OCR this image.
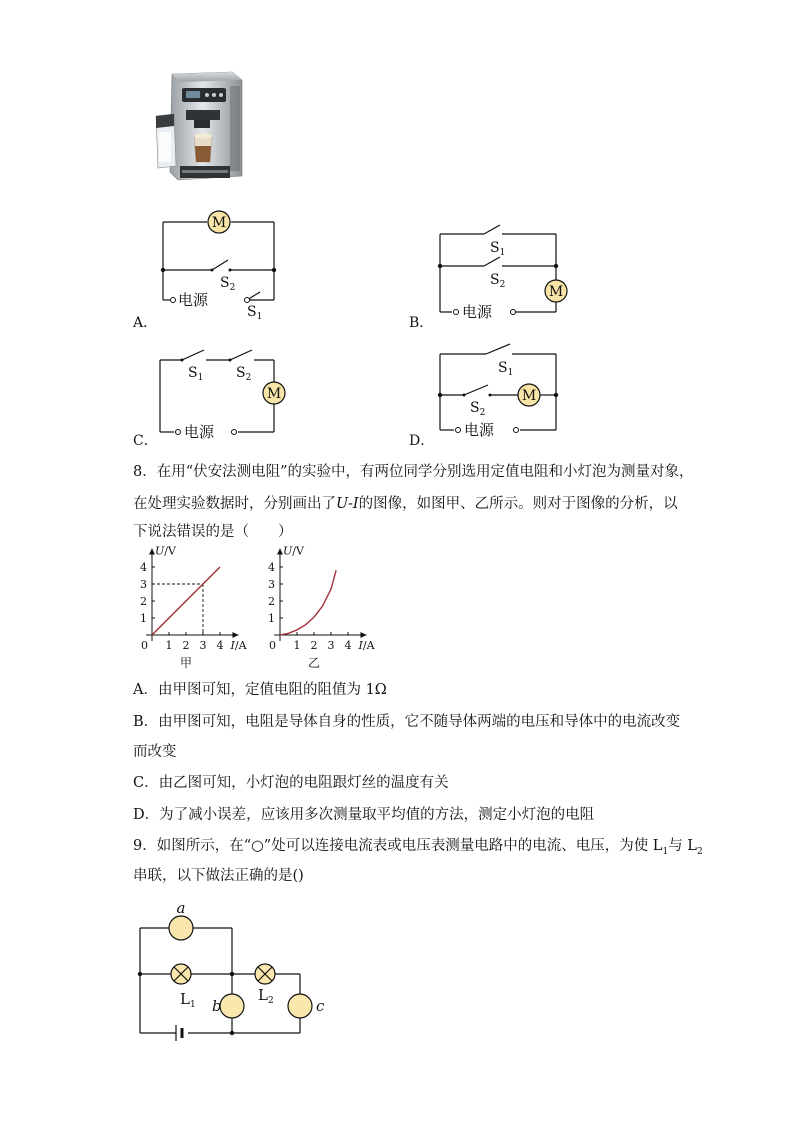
M
$S_2$
电源
$S_1$
A．
$S_1$
$S_2$	M
电源
B．
$S_1$ $S_2$
M
电源
C．
$S_1$
$S_2$
M
电源
D．
8．在用“伏安法测电阻”的实验中，有两位同学分别选用定值电阻和小灯泡为测量对象，
在处理实验数据时，分别画出了U-I的图像，如图甲、乙所示。则对于图像的分析，以
下说法错误的是（　　）
1 2 3 4
1
2
3
4
0
U/V
I/A
甲
1 2 3 4
1
2
3
4
0
U/V
I/A
乙
A．由甲图可知，定值电阻的阻值为 1Ω
B．由甲图可知，电阻是导体自身的性质，它不随导体两端的电压和导体中的电流改变
而改变
C．由乙图可知，小灯泡的电阻跟灯丝的温度有关
D．为了减小误差，应该用多次测量取平均值的方法，测定小灯泡的电阻
9．如图所示，在“○”处可以连接电流表或电压表测量电路中的电流、电压，为使 $L_1$与 $L_2$
串联，以下做法正确的是()
a
$L_1$
$L_2$
b	c
